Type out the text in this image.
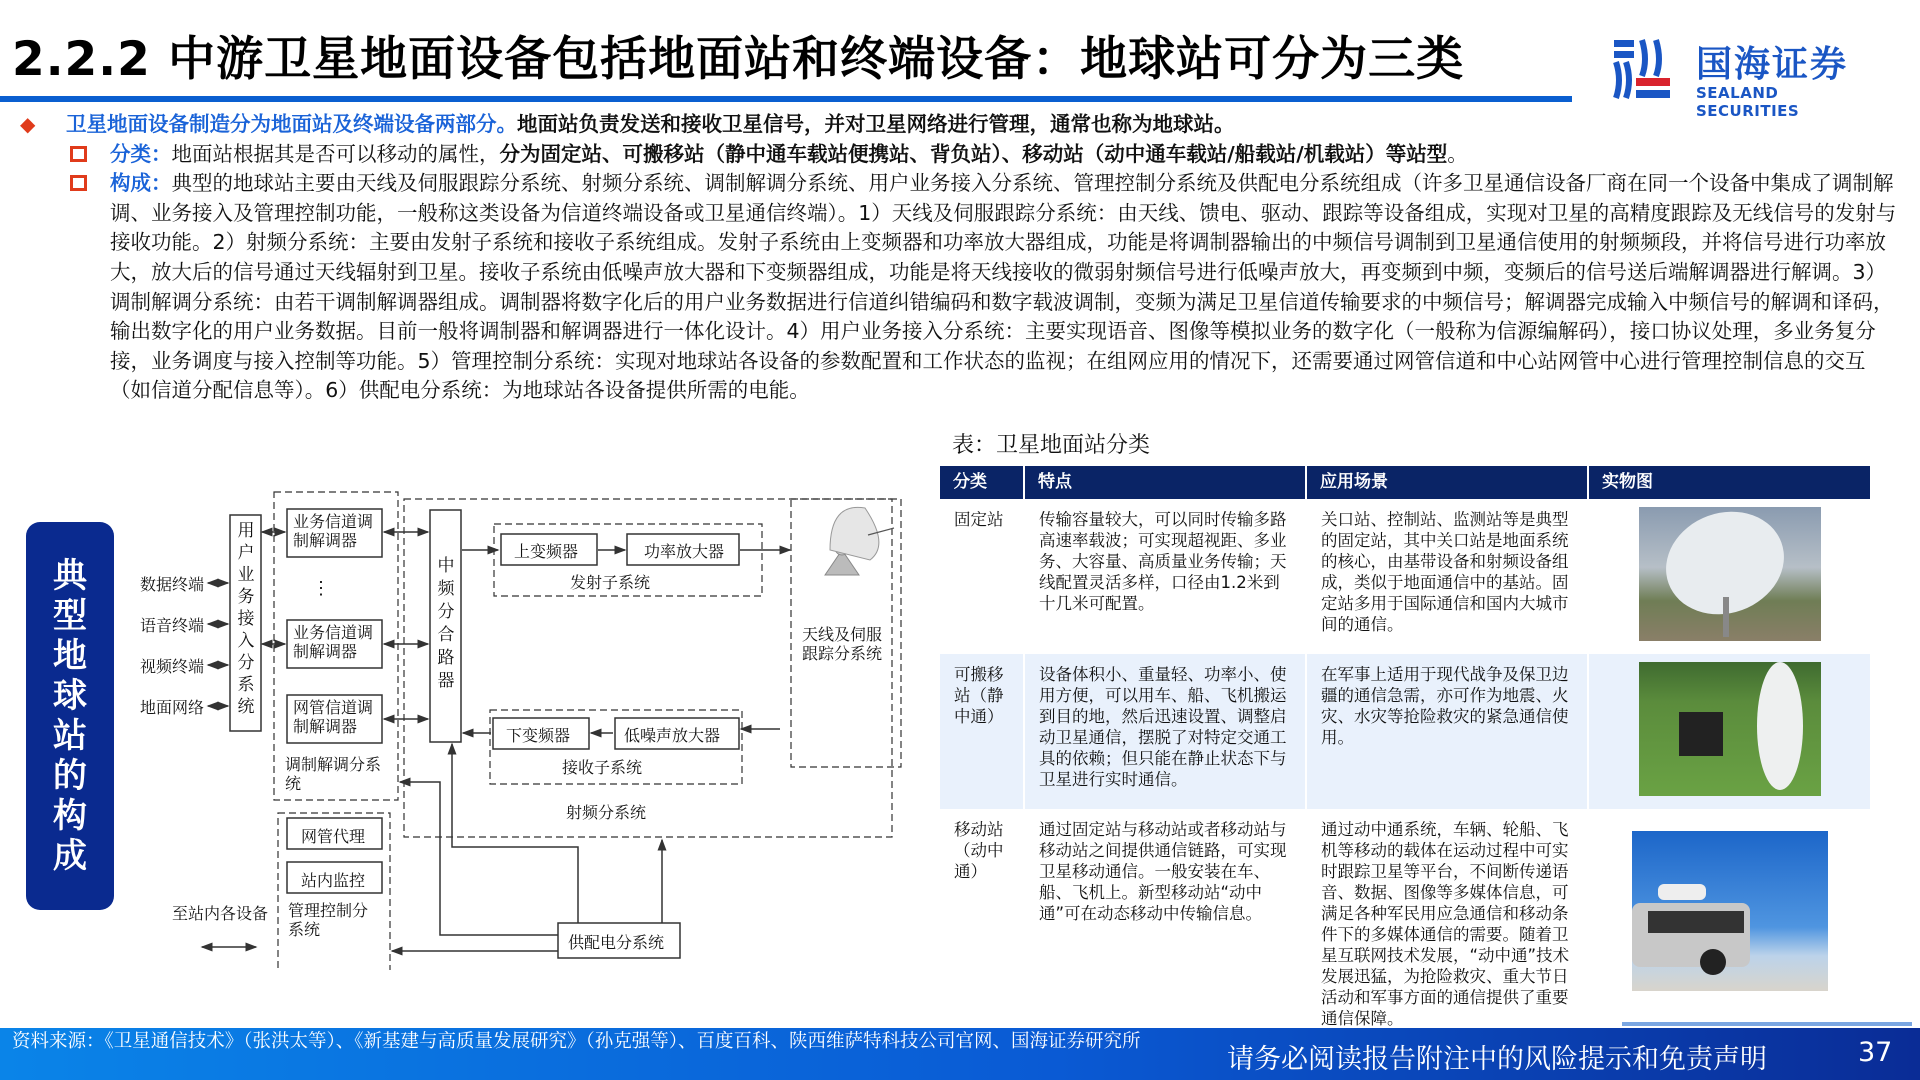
2.2.2 中游卫星地面设备包括地面站和终端设备：地球站可分为三类	国海证券
SEALAND SECURITIES
◆	卫星地面设备制造分为地面站及终端设备两部分。地面站负责发送和接收卫星信号，并对卫星网络进行管理，通常也称为地球站。
分类：地面站根据其是否可以移动的属性，分为固定站、可搬移站（静中通车载站便携站、背负站）、移动站（动中通车载站/船载站/机载站）等站型。
构成：典型的地球站主要由天线及伺服跟踪分系统、射频分系统、调制解调分系统、用户业务接入分系统、管理控制分系统及供配电分系统组成（许多卫星通信设备厂商在同一个设备中集成了调制解调、业务接入及管理控制功能，一般称这类设备为信道终端设备或卫星通信终端）。1）天线及伺服跟踪分系统：由天线、馈电、驱动、跟踪等设备组成，实现对卫星的高精度跟踪及无线信号的发射与接收功能。2）射频分系统：主要由发射子系统和接收子系统组成。发射子系统由上变频器和功率放大器组成，功能是将调制器输出的中频信号调制到卫星通信使用的射频频段，并将信号进行功率放大，放大后的信号通过天线辐射到卫星。接收子系统由低噪声放大器和下变频器组成，功能是将天线接收的微弱射频信号进行低噪声放大，再变频到中频，变频后的信号送后端解调器进行解调。3）调制解调分系统：由若干调制解调器组成。调制器将数字化后的用户业务数据进行信道纠错编码和数字载波调制，变频为满足卫星信道传输要求的中频信号；解调器完成输入中频信号的解调和译码，输出数字化的用户业务数据。目前一般将调制器和解调器进行一体化设计。4）用户业务接入分系统：主要实现语音、图像等模拟业务的数字化（一般称为信源编解码），接口协议处理，多业务复分接，业务调度与接入控制等功能。5）管理控制分系统：实现对地球站各设备的参数配置和工作状态的监视；在组网应用的情况下，还需要通过网管信道和中心站网管中心进行管理控制信息的交互（如信道分配信息等）。6）供配电分系统：为地球站各设备提供所需的电能。
典
型
地
球
站
的
构
成
数据终端
语音终端
视频终端
地面网络
用户业务接入分系统
业务信道调
制解调器
⋮
业务信道调
制解调器
网管信道调
制解调器
调制解调分系
统
中频分合路器
上变频器	功率放大器
发射子系统
下变频器	低噪声放大器
接收子系统
射频分系统
天线及伺服
跟踪分系统
网管代理
站内监控
管理控制分
系统
至站内各设备
供配电分系统
表：卫星地面站分类
分类	特点	应用场景	实物图
固定站	传输容量较大，可以同时传输多路高速率载波；可实现超视距、多业务、大容量、高质量业务传输；天线配置灵活多样，口径由1.2米到十几米可配置。	关口站、控制站、监测站等是典型的固定站，其中关口站是地面系统的核心，由基带设备和射频设备组成，类似于地面通信中的基站。固定站多用于国际通信和国内大城市间的通信。	

可搬移站（静中通）	设备体积小、重量轻、功率小、使用方便，可以用车、船、飞机搬运到目的地，然后迅速设置、调整启动卫星通信，摆脱了对特定交通工具的依赖；但只能在静止状态下与卫星进行实时通信。	在军事上适用于现代战争及保卫边疆的通信急需，亦可作为地震、火灾、水灾等抢险救灾的紧急通信使用。	

移动站（动中通）	通过固定站与移动站或者移动站与移动站之间提供通信链路，可实现卫星移动通信。一般安装在车、船、飞机上。新型移动站“动中通”可在动态移动中传输信息。	通过动中通系统，车辆、轮船、飞机等移动的载体在运动过程中可实时跟踪卫星等平台，不间断传递语音、数据、图像等多媒体信息，可满足各种军民用应急通信和移动条件下的多媒体通信的需要。随着卫星互联网技术发展，“动中通”技术发展迅猛，为抢险救灾、重大节日活动和军事方面的通信提供了重要通信保障。	
资料来源：《卫星通信技术》（张洪太等）、《新基建与高质量发展研究》（孙克强等）、百度百科、陕西维萨特科技公司官网、国海证券研究所
请务必阅读报告附注中的风险提示和免责声明	37
